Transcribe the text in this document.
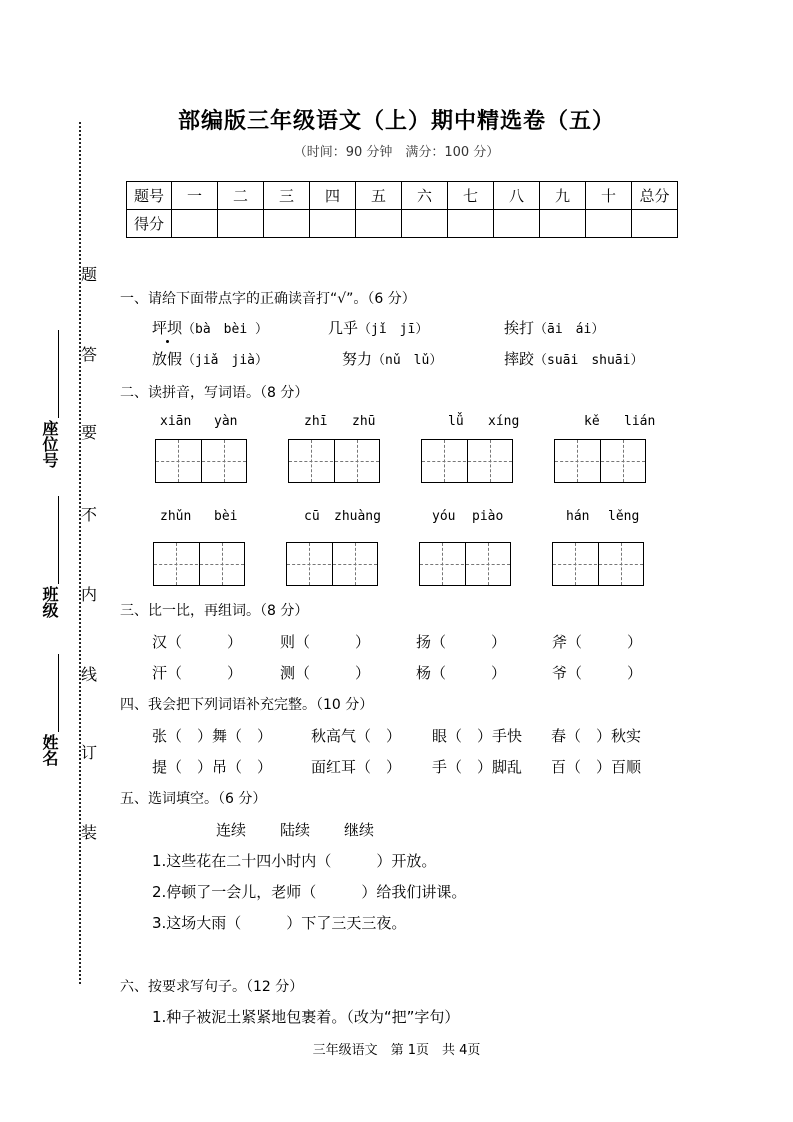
题
答
要
不
内
线
订
装
座位号
班级
姓名
部编版三年级语文（上）期中精选卷（五）
（时间：90 分钟　满分：100 分）
题号	一	二	三	四	五	六	七	八	九	十	总分
得分											
一、请给下面带点字的正确读音打“√”。（6 分）
坪坝（bà　bèi ）	几乎（jǐ　jī）	挨打（āi　ái）
放假（jiǎ　jià）	努力（nǔ　lǔ）	摔跤（suāi　shuāi）
二、读拼音，写词语。（8 分）
xiān yàn	zhī zhū	lǚ xíng	kě lián
zhǔn bèi	cū zhuàng	yóu piào	hán lěng
三、比一比，再组词。（8 分）
汉（　　　）	则（　　　）	扬（　　　）	斧（　　　）
汗（　　　）	测（　　　）	杨（　　　）	爷（　　　）
四、我会把下列词语补充完整。（10 分）
张（　）舞（　）	秋高气（　） 眼（　）手快 春（　）秋实
提（　）吊（　）	面红耳（　） 手（　）脚乱 百（　）百顺
五、选词填空。（6 分）
连续 陆续 继续
1.这些花在二十四小时内（　　　）开放。
2.停顿了一会儿，老师（　　　）给我们讲课。
3.这场大雨（　　　）下了三天三夜。
六、按要求写句子。（12 分）
1.种子被泥土紧紧地包裹着。（改为“把”字句）
三年级语文　第 1页　共 4页
